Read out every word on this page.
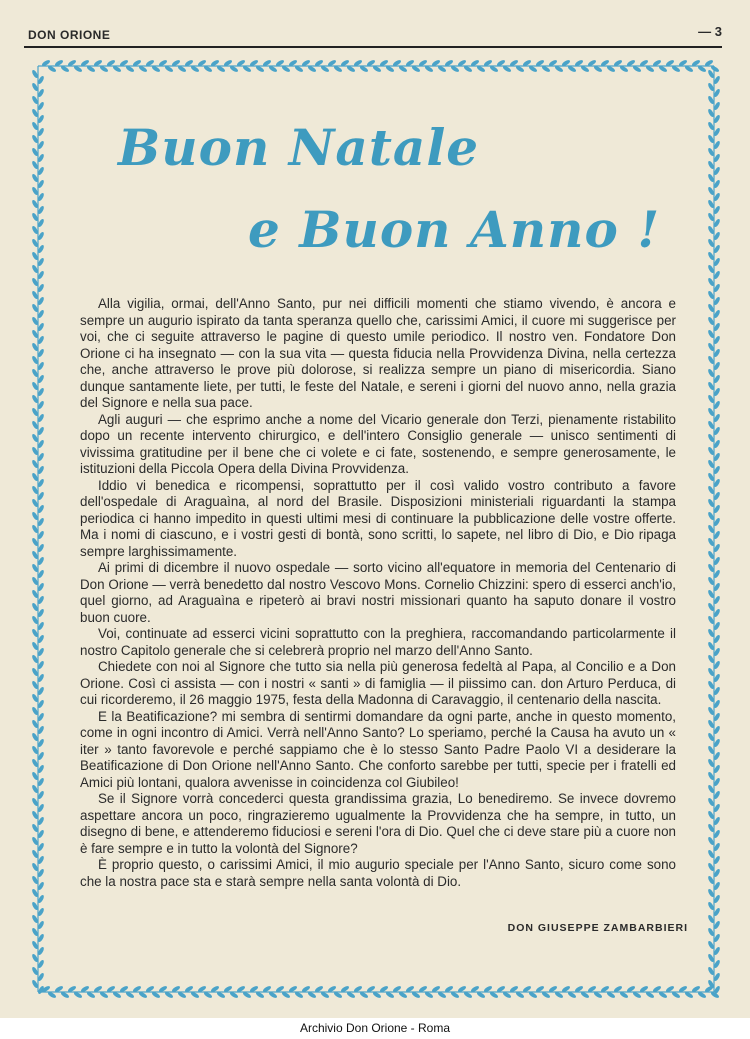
DON ORIONE	— 3
Buon Natale
e Buon Anno !

Alla vigilia, ormai, dell'Anno Santo, pur nei difficili momenti che stiamo vivendo, è ancora e sempre un augurio ispirato da tanta speranza quello che, carissimi Amici, il cuore mi suggerisce per voi, che ci seguite attraverso le pagine di questo umile periodico. Il nostro ven. Fondatore Don Orione ci ha insegnato — con la sua vita — questa fiducia nella Provvidenza Divina, nella certezza che, anche attraverso le prove più dolorose, si realizza sempre un piano di misericordia. Siano dunque santamente liete, per tutti, le feste del Natale, e sereni i giorni del nuovo anno, nella grazia del Signore e nella sua pace.

Agli auguri — che esprimo anche a nome del Vicario generale don Terzi, pienamente ristabilito dopo un recente intervento chirurgico, e dell'intero Consiglio generale — unisco sentimenti di vivissima gratitudine per il bene che ci volete e ci fate, sostenendo, e sempre generosamente, le istituzioni della Piccola Opera della Divina Provvidenza.

Iddio vi benedica e ricompensi, soprattutto per il così valido vostro contributo a favore dell'ospedale di Araguaìna, al nord del Brasile. Disposizioni ministeriali riguardanti la stampa periodica ci hanno impedito in questi ultimi mesi di continuare la pubblicazione delle vostre offerte. Ma i nomi di ciascuno, e i vostri gesti di bontà, sono scritti, lo sapete, nel libro di Dio, e Dio ripaga sempre larghissimamente.

Ai primi di dicembre il nuovo ospedale — sorto vicino all'equatore in memoria del Centenario di Don Orione — verrà benedetto dal nostro Vescovo Mons. Cornelio Chizzini: spero di esserci anch'io, quel giorno, ad Araguaìna e ripeterò ai bravi nostri missionari quanto ha saputo donare il vostro buon cuore.

Voi, continuate ad esserci vicini soprattutto con la preghiera, raccomandando particolarmente il nostro Capitolo generale che si celebrerà proprio nel marzo dell'Anno Santo.

Chiedete con noi al Signore che tutto sia nella più generosa fedeltà al Papa, al Concilio e a Don Orione. Così ci assista — con i nostri « santi » di famiglia — il piissimo can. don Arturo Perduca, di cui ricorderemo, il 26 maggio 1975, festa della Madonna di Caravaggio, il centenario della nascita.

E la Beatificazione? mi sembra di sentirmi domandare da ogni parte, anche in questo momento, come in ogni incontro di Amici. Verrà nell'Anno Santo? Lo speriamo, perché la Causa ha avuto un « iter » tanto favorevole e perché sappiamo che è lo stesso Santo Padre Paolo VI a desiderare la Beatificazione di Don Orione nell'Anno Santo. Che conforto sarebbe per tutti, specie per i fratelli ed Amici più lontani, qualora avvenisse in coincidenza col Giubileo!

Se il Signore vorrà concederci questa grandissima grazia, Lo benediremo. Se invece dovremo aspettare ancora un poco, ringrazieremo ugualmente la Provvidenza che ha sempre, in tutto, un disegno di bene, e attenderemo fiduciosi e sereni l'ora di Dio. Quel che ci deve stare più a cuore non è fare sempre e in tutto la volontà del Signore?

È proprio questo, o carissimi Amici, il mio augurio speciale per l'Anno Santo, sicuro come sono che la nostra pace sta e starà sempre nella santa volontà di Dio.

DON GIUSEPPE ZAMBARBIERI
Archivio Don Orione - Roma
